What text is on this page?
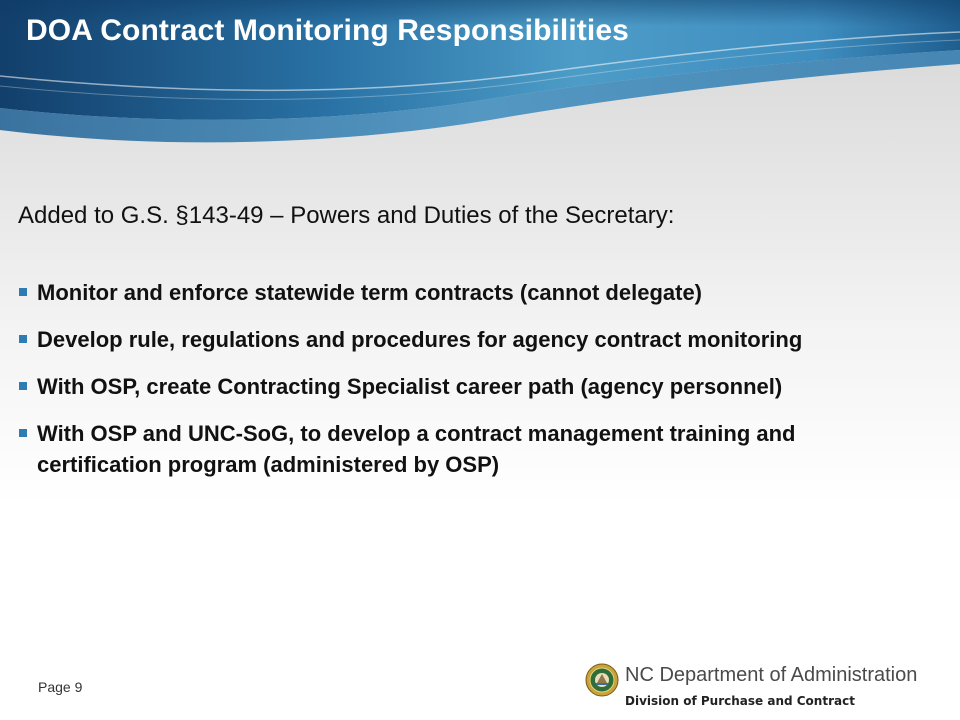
DOA Contract Monitoring Responsibilities

Added to G.S. §143-49 – Powers and Duties of the Secretary:

Monitor and enforce statewide term contracts (cannot delegate)
Develop rule, regulations and procedures for agency contract monitoring
With OSP, create Contracting Specialist career path (agency personnel)
With OSP and UNC-SoG, to develop a contract management training and certification program (administered by OSP)
Page 9
NC Department of Administration
Division of Purchase and Contract
